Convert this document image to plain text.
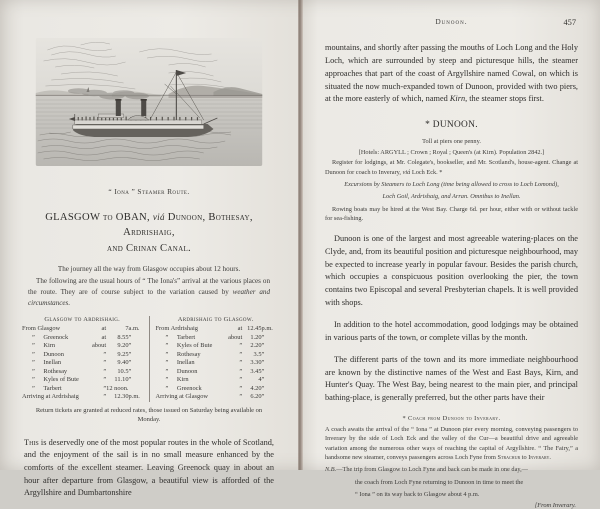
“ Iona ” Steamer Route.
GLASGOW to OBAN, viá Dunoon, Bothesay, Ardrishaig,
and Crinan Canal.
The journey all the way from Glasgow occupies about 12 hours.
The following are the usual hours of “ The Iona's” arrival at the various places on the route. They are of course subject to the variation caused by weather and circumstances.
Glasgow to Ardrishaig.
From Glasgow	at	7	a.m.
” Greenock	at	8.55	”
” Kirn	about	9.20	”
” Dunoon	”	9.25	”
” Inellan	”	9.40	”
” Rothesay	”	10.5	”
” Kyles of Bute	”	11.10	”
” Tarbert	”	12 noon.	
Arriving at Ardrishaig	”	12.30	p.m.
Ardrishaig to Glasgow.
From Ardrishaig	at	12.45	p.m.
” Tarbert	about	1.20	”
” Kyles of Bute	”	2.20	”
” Rothesay	”	3.5	”
” Inellan	”	3.30	”
” Dunoon	”	3.45	”
” Kirn	”	4	”
” Greenock	”	4.20	”
Arriving at Glasgow	”	6.20	”
Return tickets are granted at reduced rates, those issued on Saturday being available on Monday.
This is deservedly one of the most popular routes in the whole of Scotland, and the enjoyment of the sail is in no small measure enhanced by the comforts of the excellent steamer. Leaving Greenock quay in about an hour after departure from Glasgow, a beautiful view is afforded of the Argyllshire and Dumbartonshire
Dunoon.	457
mountains, and shortly after passing the mouths of Loch Long and the Holy Loch, which are surrounded by steep and picturesque hills, the steamer approaches that part of the coast of Argyllshire named Cowal, on which is situated the now much-expanded town of Dunoon, provided with two piers, at the more easterly of which, named Kirn, the steamer stops first.
* DUNOON.
Toll at piers one penny.
[Hotels: ARGYLL ; Crown ; Royal ; Queen's (at Kirn). Population 2842.]
Register for lodgings, at Mr. Colegate's, bookseller, and Mr. Scotland's, house-agent. Change at Dunoon for coach to Inverary, viá Loch Eck. *
Excursions by Steamers to Loch Long (time being allowed to cross to Loch Lomond),
Loch Goil, Ardrishaig, and Arran. Omnibus to Inellan.
Rowing boats may be hired at the West Bay. Charge 6d. per hour, either with or without tackle for sea-fishing.
Dunoon is one of the largest and most agreeable watering-places on the Clyde, and, from its beautiful position and picturesque neighbourhood, may be expected to increase yearly in popular favour. Besides the parish church, which occupies a conspicuous position overlooking the pier, the town contains two Episcopal and several Presbyterian chapels. It is well provided with shops.
In addition to the hotel accommodation, good lodgings may be obtained in various parts of the town, or complete villas by the month.
The different parts of the town and its more immediate neighbourhood are known by the distinctive names of the West and East Bays, Kirn, and Hunter's Quay. The West Bay, being nearest to the main pier, and principal bathing-place, is generally preferred, but the other parts have their
* Coach from Dunoon to Inverary.
A coach awaits the arrival of the “ Iona ” at Dunoon pier every morning, conveying passengers to Inverary by the side of Loch Eck and the valley of the Cur—a beautiful drive and agreeable variation among the numerous other ways of reaching the capital of Argyllshire. “ The Fairy,” a handsome new steamer, conveys passengers across Loch Fyne from Strachur to Inverary.
N.B.—The trip from Glasgow to Loch Fyne and back can be made in one day,—
the coach from Loch Fyne returning to Dunoon in time to meet the
“ Iona ” on its way back to Glasgow about 4 p.m.
[From Inverary.
